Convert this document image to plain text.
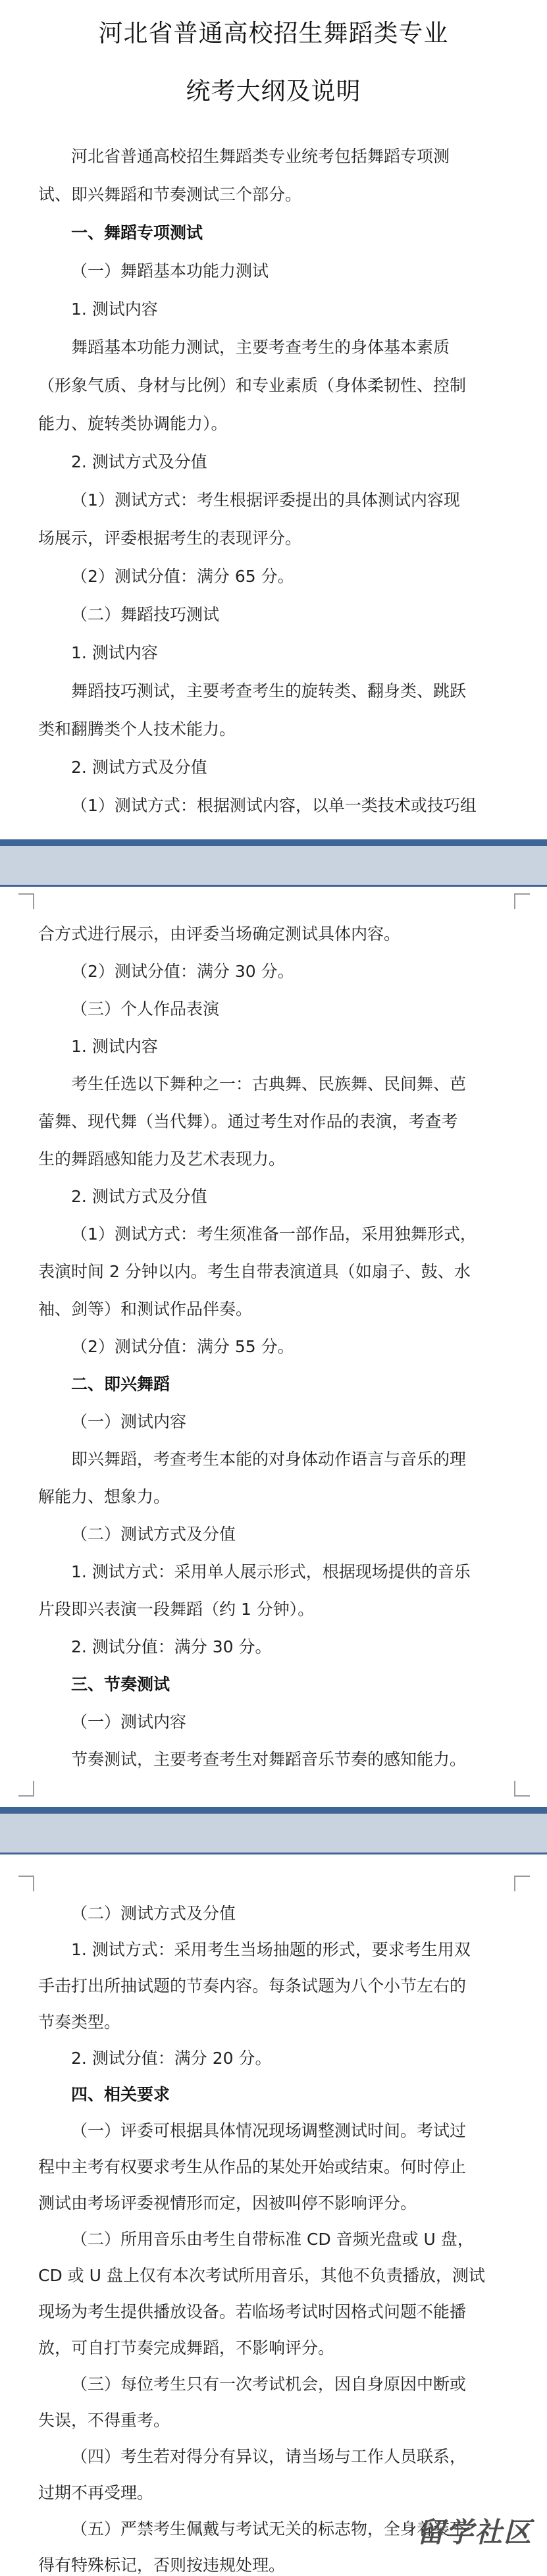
河北省普通高校招生舞蹈类专业
统考大纲及说明
河北省普通高校招生舞蹈类专业统考包括舞蹈专项测
试、即兴舞蹈和节奏测试三个部分。
一、舞蹈专项测试
（一）舞蹈基本功能力测试
1. 测试内容
舞蹈基本功能力测试，主要考查考生的身体基本素质
（形象气质、身材与比例）和专业素质（身体柔韧性、控制
能力、旋转类协调能力）。
2. 测试方式及分值
（1）测试方式：考生根据评委提出的具体测试内容现
场展示，评委根据考生的表现评分。
（2）测试分值：满分 65 分。
（二）舞蹈技巧测试
1. 测试内容
舞蹈技巧测试，主要考查考生的旋转类、翻身类、跳跃
类和翻腾类个人技术能力。
2. 测试方式及分值
（1）测试方式：根据测试内容，以单一类技术或技巧组
合方式进行展示，由评委当场确定测试具体内容。
（2）测试分值：满分 30 分。
（三）个人作品表演
1. 测试内容
考生任选以下舞种之一：古典舞、民族舞、民间舞、芭
蕾舞、现代舞（当代舞）。通过考生对作品的表演，考查考
生的舞蹈感知能力及艺术表现力。
2. 测试方式及分值
（1）测试方式：考生须准备一部作品，采用独舞形式，
表演时间 2 分钟以内。考生自带表演道具（如扇子、鼓、水
袖、剑等）和测试作品伴奏。
（2）测试分值：满分 55 分。
二、即兴舞蹈
（一）测试内容
即兴舞蹈，考查考生本能的对身体动作语言与音乐的理
解能力、想象力。
（二）测试方式及分值
1. 测试方式：采用单人展示形式，根据现场提供的音乐
片段即兴表演一段舞蹈（约 1 分钟）。
2. 测试分值：满分 30 分。
三、节奏测试
（一）测试内容
节奏测试，主要考查考生对舞蹈音乐节奏的感知能力。
（二）测试方式及分值
1. 测试方式：采用考生当场抽题的形式，要求考生用双
手击打出所抽试题的节奏内容。每条试题为八个小节左右的
节奏类型。
2. 测试分值：满分 20 分。
四、相关要求
（一）评委可根据具体情况现场调整测试时间。考试过
程中主考有权要求考生从作品的某处开始或结束。何时停止
测试由考场评委视情形而定，因被叫停不影响评分。
（二）所用音乐由考生自带标准 CD 音频光盘或 U 盘，
CD 或 U 盘上仅有本次考试所用音乐，其他不负责播放，测试
现场为考生提供播放设备。若临场考试时因格式问题不能播
放，可自打节奏完成舞蹈，不影响评分。
（三）每位考生只有一次考试机会，因自身原因中断或
失误，不得重考。
（四）考生若对得分有异议，请当场与工作人员联系，
过期不再受理。
（五）严禁考生佩戴与考试无关的标志物，全身着装不
得有特殊标记，否则按违规处理。
留学社区
